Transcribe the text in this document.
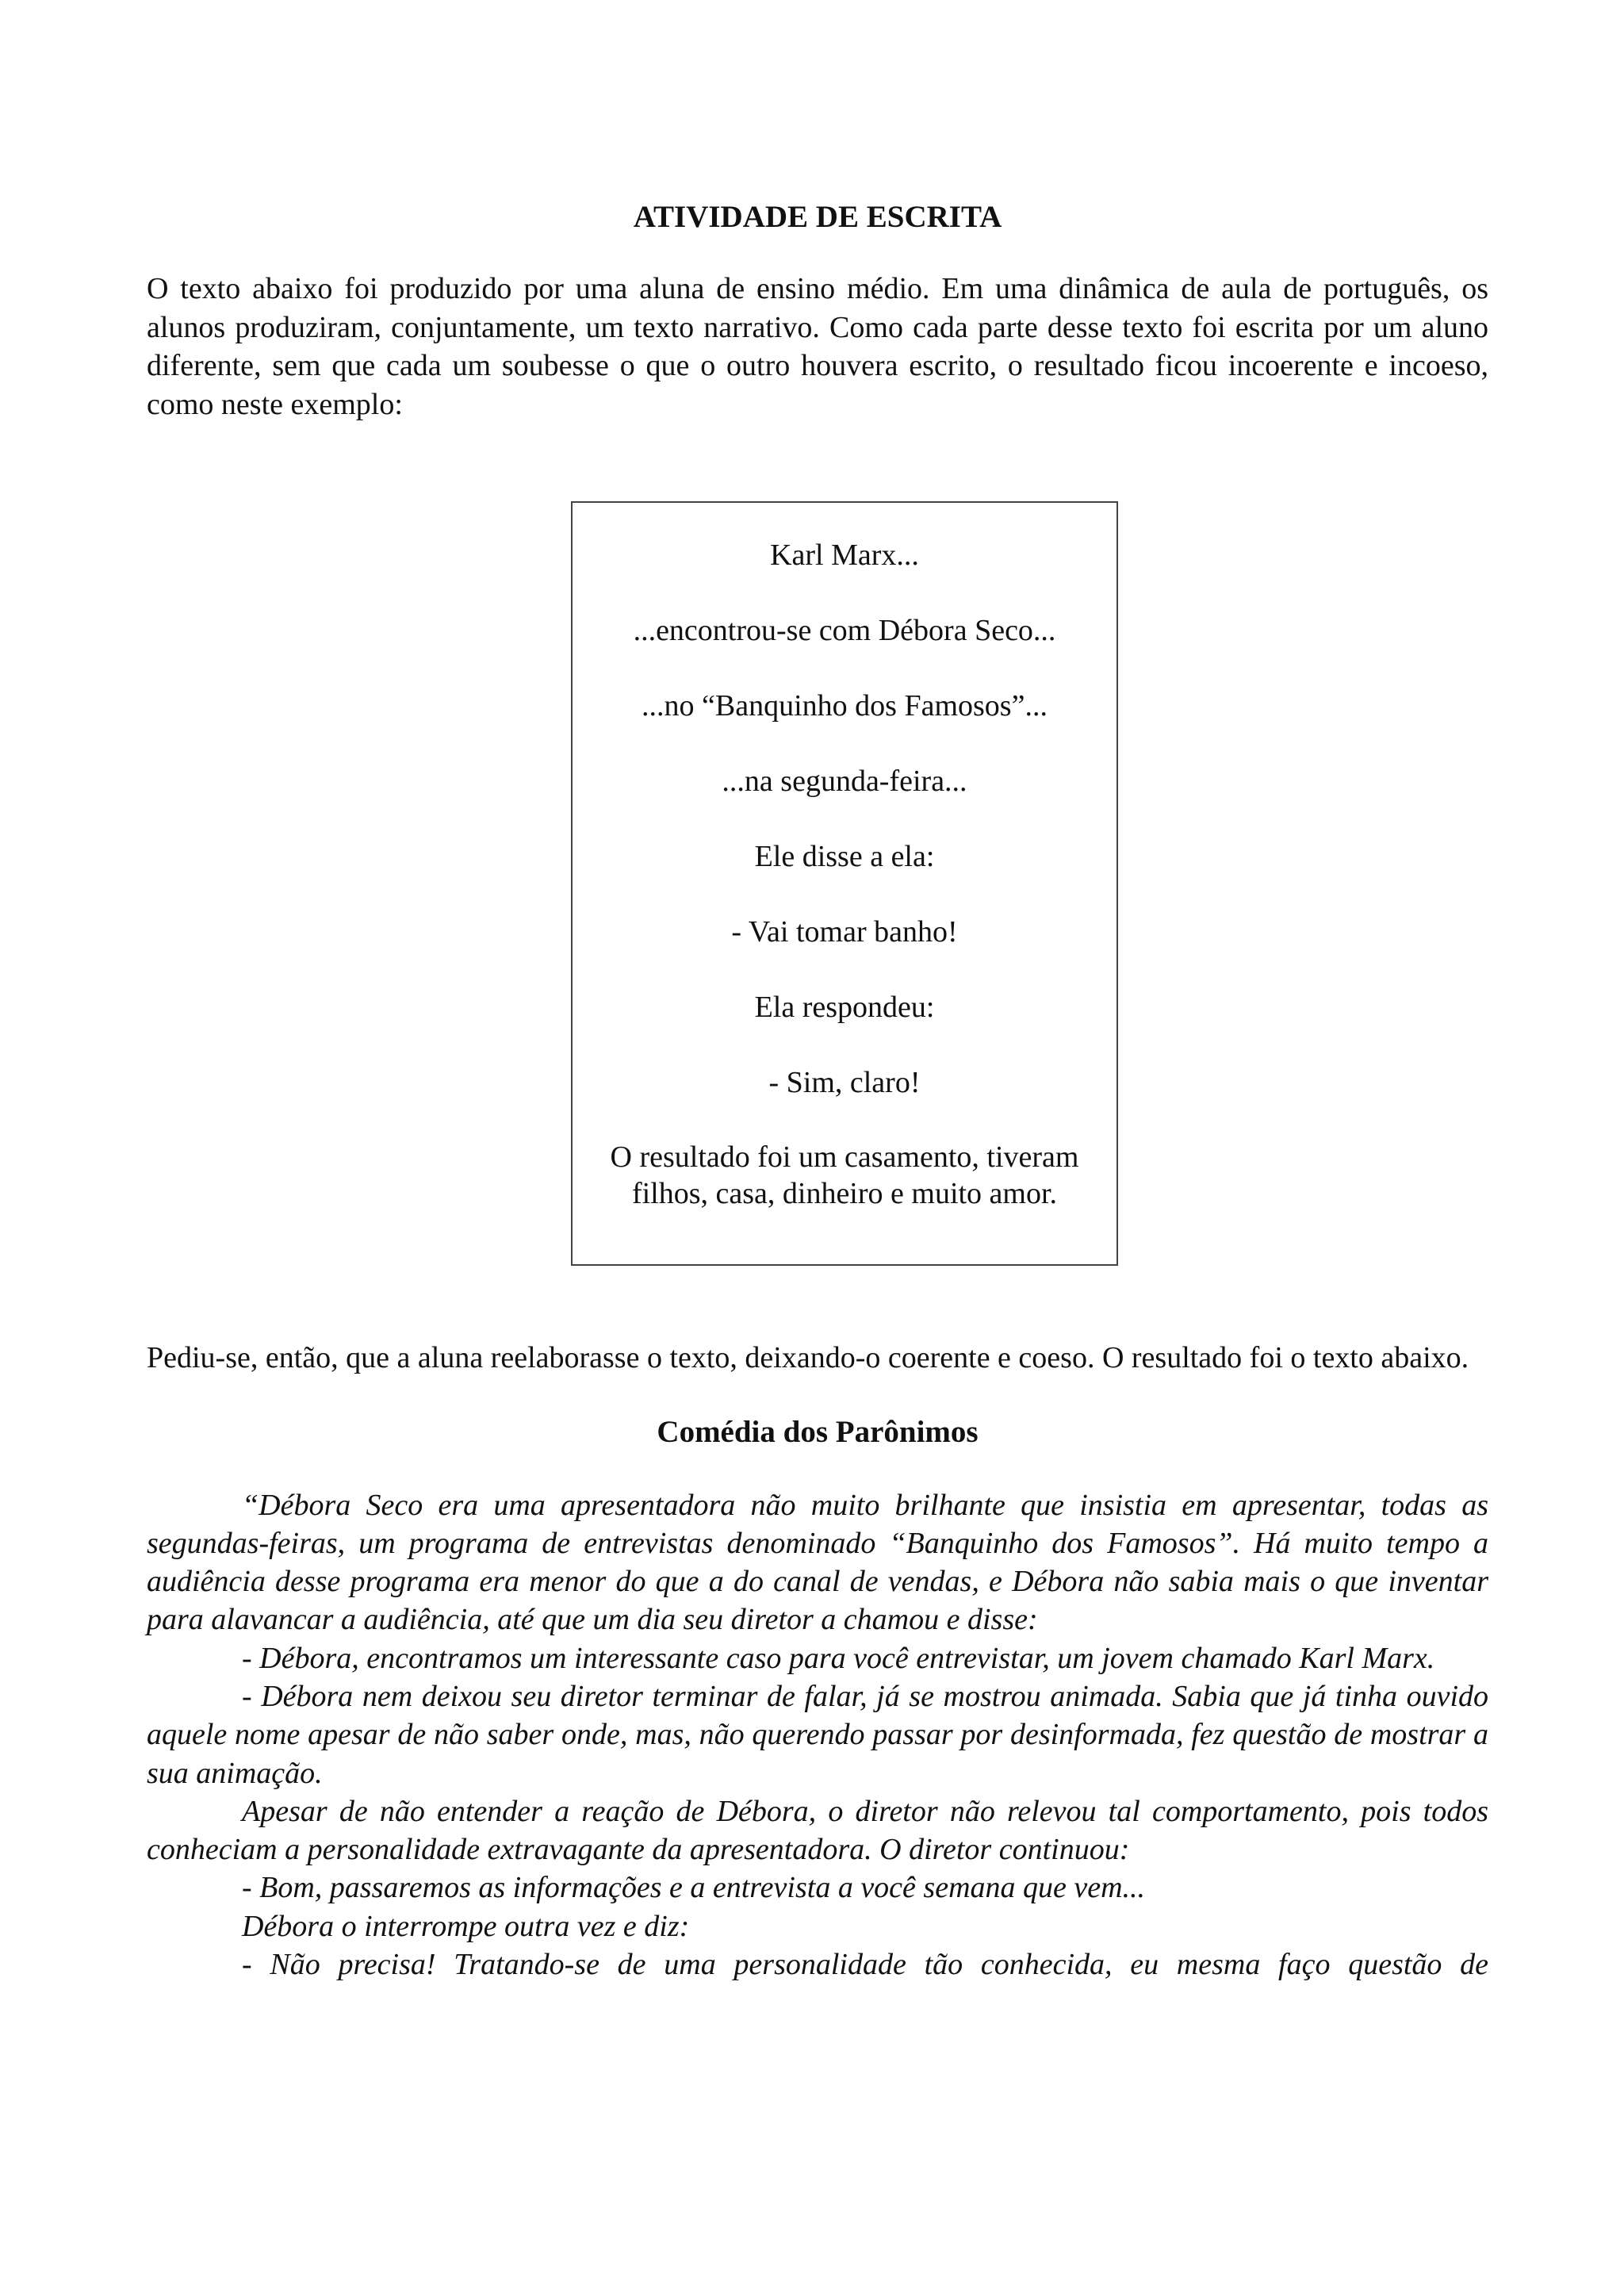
ATIVIDADE DE ESCRITA

O texto abaixo foi produzido por uma aluna de ensino médio. Em uma dinâmica de aula de português, os alunos produziram, conjuntamente, um texto narrativo. Como cada parte desse texto foi escrita por um aluno diferente, sem que cada um soubesse o que o outro houvera escrito, o resultado ficou incoerente e incoeso, como neste exemplo:

Karl Marx...
...encontrou-se com Débora Seco...
...no “Banquinho dos Famosos”...
...na segunda-feira...
Ele disse a ela:
- Vai tomar banho!
Ela respondeu:
- Sim, claro!
O resultado foi um casamento, tiveram
filhos, casa, dinheiro e muito amor.

Pediu-se, então, que a aluna reelaborasse o texto, deixando-o coerente e coeso. O resultado foi o texto abaixo.

Comédia dos Parônimos

“Débora Seco era uma apresentadora não muito brilhante que insistia em apresentar, todas as segundas-feiras, um programa de entrevistas denominado “Banquinho dos Famosos”. Há muito tempo a audiência desse programa era menor do que a do canal de vendas, e Débora não sabia mais o que inventar para alavancar a audiência, até que um dia seu diretor a chamou e disse:

- Débora, encontramos um interessante caso para você entrevistar, um jovem chamado Karl Marx.

- Débora nem deixou seu diretor terminar de falar, já se mostrou animada. Sabia que já tinha ouvido aquele nome apesar de não saber onde, mas, não querendo passar por desinformada, fez questão de mostrar a sua animação.

Apesar de não entender a reação de Débora, o diretor não relevou tal comportamento, pois todos conheciam a personalidade extravagante da apresentadora. O diretor continuou:

- Bom, passaremos as informações e a entrevista a você semana que vem...

Débora o interrompe outra vez e diz:

- Não precisa! Tratando-se de uma personalidade tão conhecida, eu mesma faço questão de
